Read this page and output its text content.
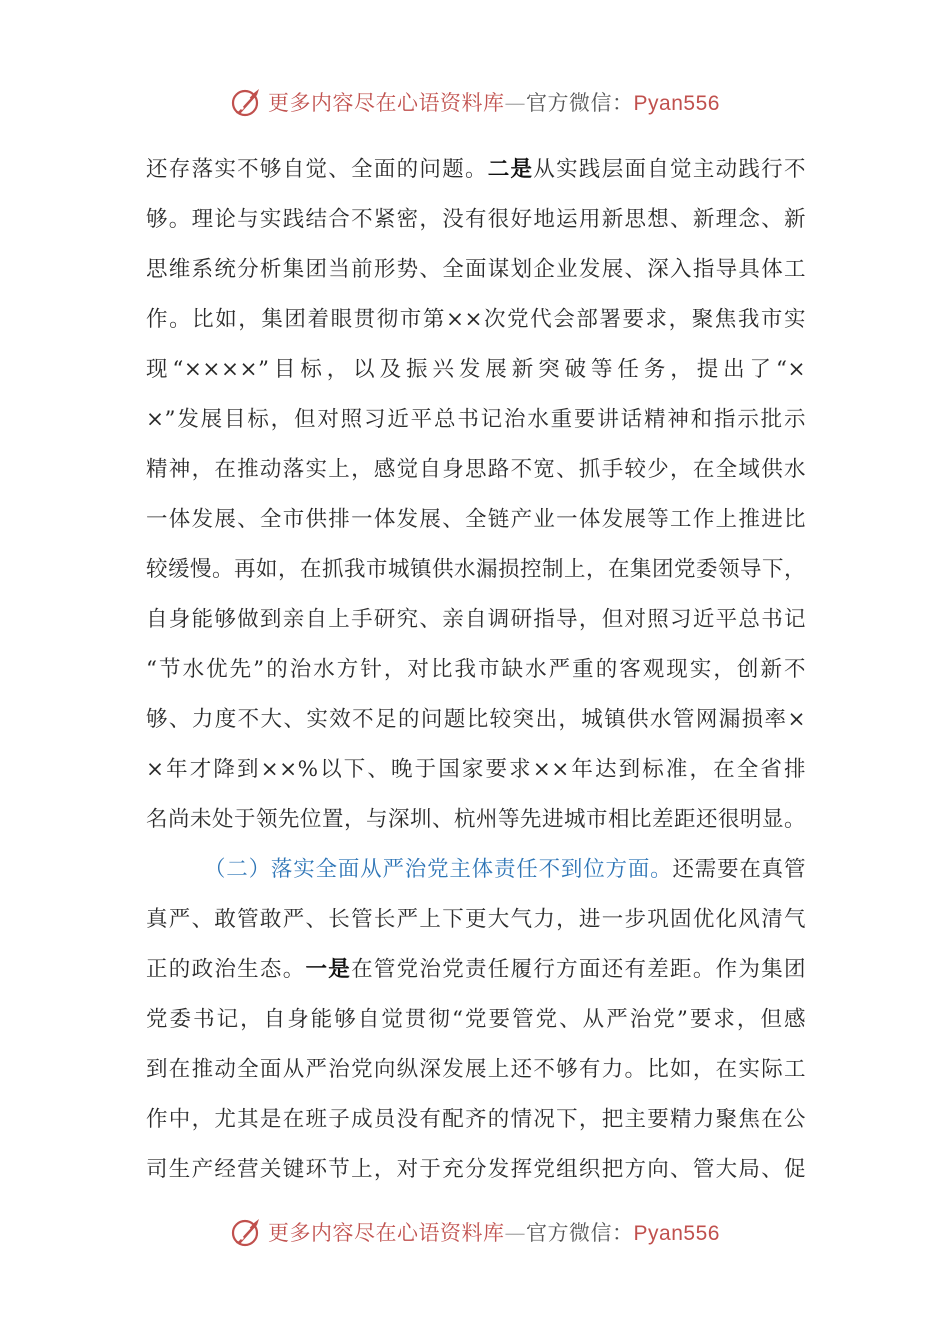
更多内容尽在心语资料库—官方微信：Pyan556
还存落实不够自觉、全面的问题。二是从实践层面自觉主动践行不
够。理论与实践结合不紧密，没有很好地运用新思想、新理念、新
思维系统分析集团当前形势、全面谋划企业发展、深入指导具体工
作。比如，集团着眼贯彻市第××次党代会部署要求，聚焦我市实
现“××××”目标，以及振兴发展新突破等任务，提出了“×
×”发展目标，但对照习近平总书记治水重要讲话精神和指示批示
精神，在推动落实上，感觉自身思路不宽、抓手较少，在全域供水
一体发展、全市供排一体发展、全链产业一体发展等工作上推进比
较缓慢。再如，在抓我市城镇供水漏损控制上，在集团党委领导下，
自身能够做到亲自上手研究、亲自调研指导，但对照习近平总书记
“节水优先”的治水方针，对比我市缺水严重的客观现实，创新不
够、力度不大、实效不足的问题比较突出，城镇供水管网漏损率×
×年才降到××%以下、晚于国家要求××年达到标准，在全省排
名尚未处于领先位置，与深圳、杭州等先进城市相比差距还很明显。
（二）落实全面从严治党主体责任不到位方面。还需要在真管
真严、敢管敢严、长管长严上下更大气力，进一步巩固优化风清气
正的政治生态。一是在管党治党责任履行方面还有差距。作为集团
党委书记，自身能够自觉贯彻“党要管党、从严治党”要求，但感
到在推动全面从严治党向纵深发展上还不够有力。比如，在实际工
作中，尤其是在班子成员没有配齐的情况下，把主要精力聚焦在公
司生产经营关键环节上，对于充分发挥党组织把方向、管大局、促
更多内容尽在心语资料库—官方微信：Pyan556
